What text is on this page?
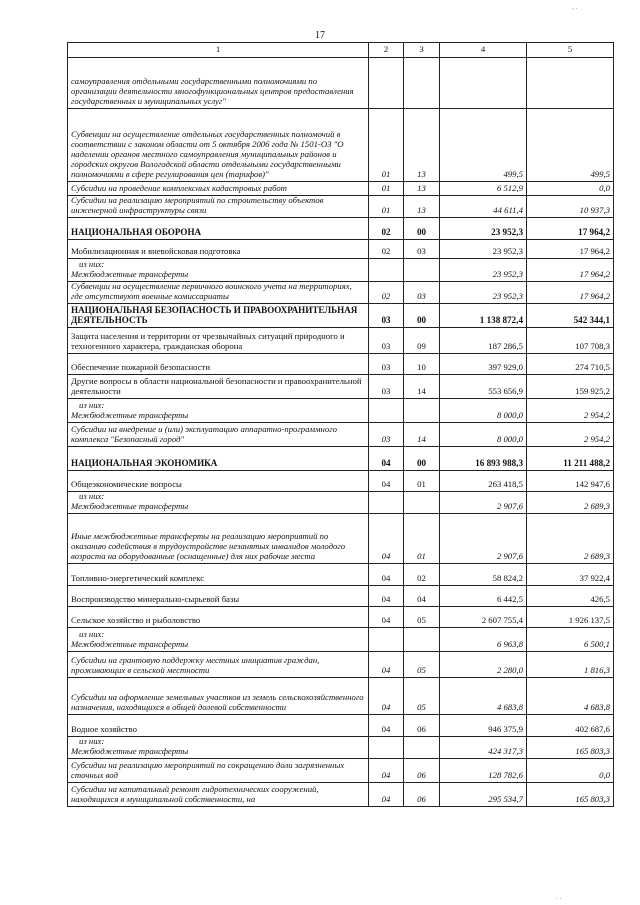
17
, .
. .
1	2	3	4	5
самоуправления отдельными государственными полномочиями по организации деятельности многофункциональных центров предоставления государственных и муниципальных услуг"				
Субвенции на осуществление отдельных государственных полномочий в соответствии с законом области от 5 октября 2006 года № 1501-ОЗ "О наделении органов местного самоуправления муниципальных районов и городских округов Вологодской области отдельными государственными полномочиями в сфере регулирования цен (тарифов)"	01	13	499,5	499,5
Субсидии на проведение комплексных кадастровых работ	01	13	6 512,9	0,0
Субсидии на реализацию мероприятий по строительству объектов инженерной инфраструктуры связи	01	13	44 611,4	10 937,3
НАЦИОНАЛЬНАЯ ОБОРОНА	02	00	23 952,3	17 964,2
Мобилизационная и вневойсковая подготовка	02	03	23 952,3	17 964,2

из них:
Межбюджетные трансферты			23 952,3	17 964,2
Субвенции на осуществление первичного воинского учета на территориях, где отсутствуют военные комиссариаты	02	03	23 952,3	17 964,2
НАЦИОНАЛЬНАЯ БЕЗОПАСНОСТЬ И ПРАВООХРАНИТЕЛЬНАЯ ДЕЯТЕЛЬНОСТЬ	03	00	1 138 872,4	542 344,1
Защита населения и территории от чрезвычайных ситуаций природного и техногенного характера, гражданская оборона	03	09	187 286,5	107 708,3
Обеспечение пожарной безопасности	03	10	397 929,0	274 710,5
Другие вопросы в области национальной безопасности и правоохранительной деятельности	03	14	553 656,9	159 925,2

из них:
Межбюджетные трансферты			8 000,0	2 954,2
Субсидии на внедрение и (или) эксплуатацию аппаратно-программного комплекса "Безопасный город"	03	14	8 000,0	2 954,2
НАЦИОНАЛЬНАЯ ЭКОНОМИКА	04	00	16 893 988,3	11 211 488,2
Общеэкономические вопросы	04	01	263 418,5	142 947,6

из них:
Межбюджетные трансферты			2 907,6	2 689,3
Иные межбюджетные трансферты на реализацию мероприятий по оказанию содействия в трудоустройстве незанятых инвалидов молодого возраста на оборудованные (оснащенные) для них рабочие места	04	01	2 907,6	2 689,3
Топливно-энергетический комплекс	04	02	58 824,2	37 922,4
Воспроизводство минерально-сырьевой базы	04	04	6 442,5	426,5
Сельское хозяйство и рыболовство	04	05	2 607 755,4	1 926 137,5

из них:
Межбюджетные трансферты			6 963,8	6 500,1
Субсидии на грантовую поддержку местных инициатив граждан, проживающих в сельской местности	04	05	2 280,0	1 816,3
Субсидии на оформление земельных участков из земель сельскохозяйственного назначения, находящихся в общей долевой собственности	04	05	4 683,8	4 683,8
Водное хозяйство	04	06	946 375,9	402 687,6

из них:
Межбюджетные трансферты			424 317,3	165 803,3
Субсидии на реализацию мероприятий по сокращению доли загрязненных сточных вод	04	06	128 782,6	0,0
Субсидии на капитальный ремонт гидротехнических сооружений, находящихся в муниципальной собственности, на	04	06	295 534,7	165 803,3
